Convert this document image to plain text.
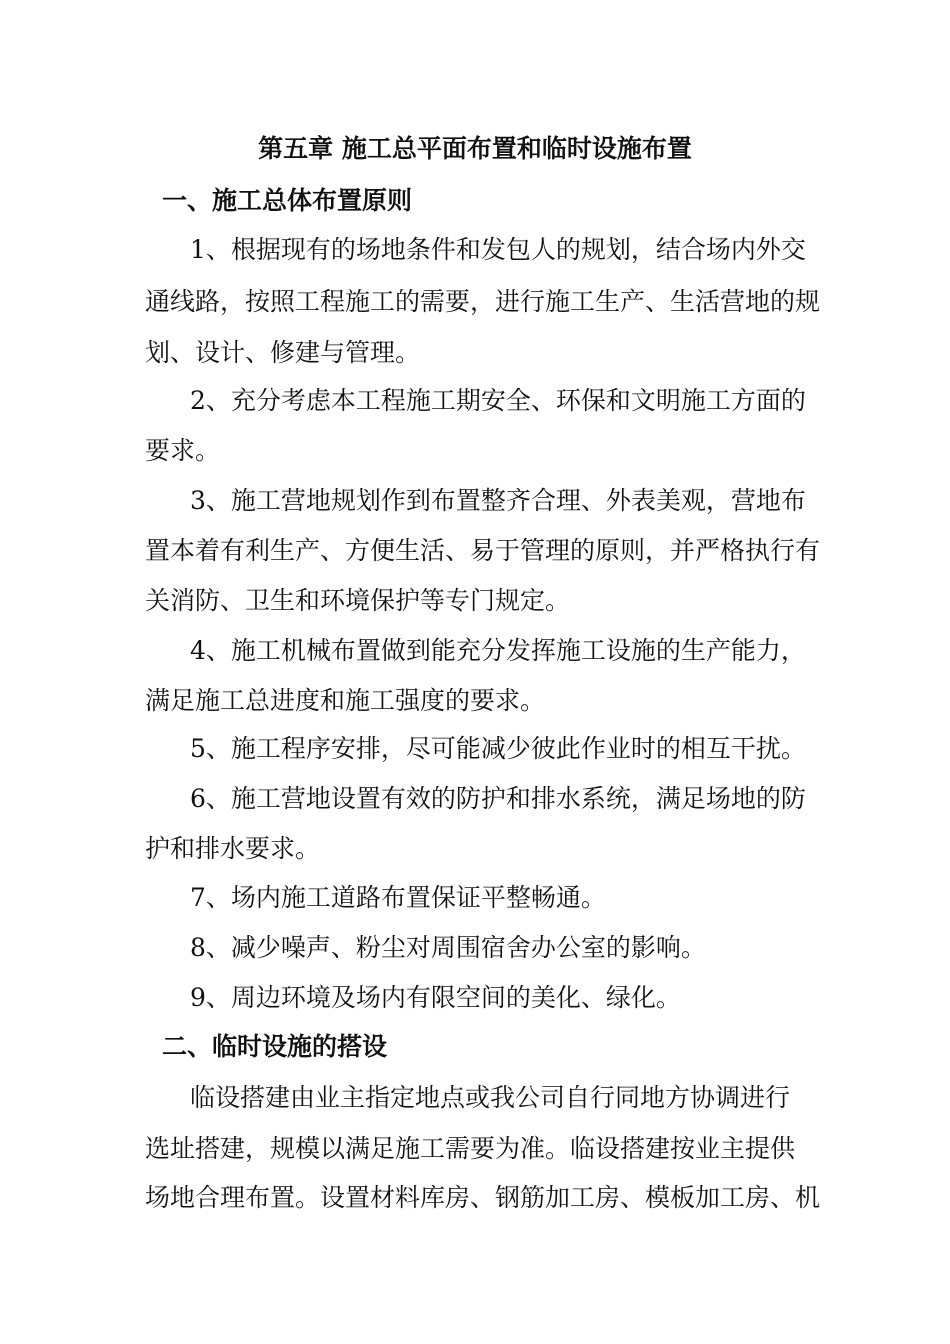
第五章 施工总平面布置和临时设施布置
一、施工总体布置原则
1、根据现有的场地条件和发包人的规划，结合场内外交
通线路，按照工程施工的需要，进行施工生产、生活营地的规
划、设计、修建与管理。
2、充分考虑本工程施工期安全、环保和文明施工方面的
要求。
3、施工营地规划作到布置整齐合理、外表美观，营地布
置本着有利生产、方便生活、易于管理的原则，并严格执行有
关消防、卫生和环境保护等专门规定。
4、施工机械布置做到能充分发挥施工设施的生产能力，
满足施工总进度和施工强度的要求。
5、施工程序安排，尽可能减少彼此作业时的相互干扰。
6、施工营地设置有效的防护和排水系统，满足场地的防
护和排水要求。
7、场内施工道路布置保证平整畅通。
8、减少噪声、粉尘对周围宿舍办公室的影响。
9、周边环境及场内有限空间的美化、绿化。
二、临时设施的搭设
临设搭建由业主指定地点或我公司自行同地方协调进行
选址搭建，规模以满足施工需要为准。临设搭建按业主提供
场地合理布置。设置材料库房、钢筋加工房、模板加工房、机
